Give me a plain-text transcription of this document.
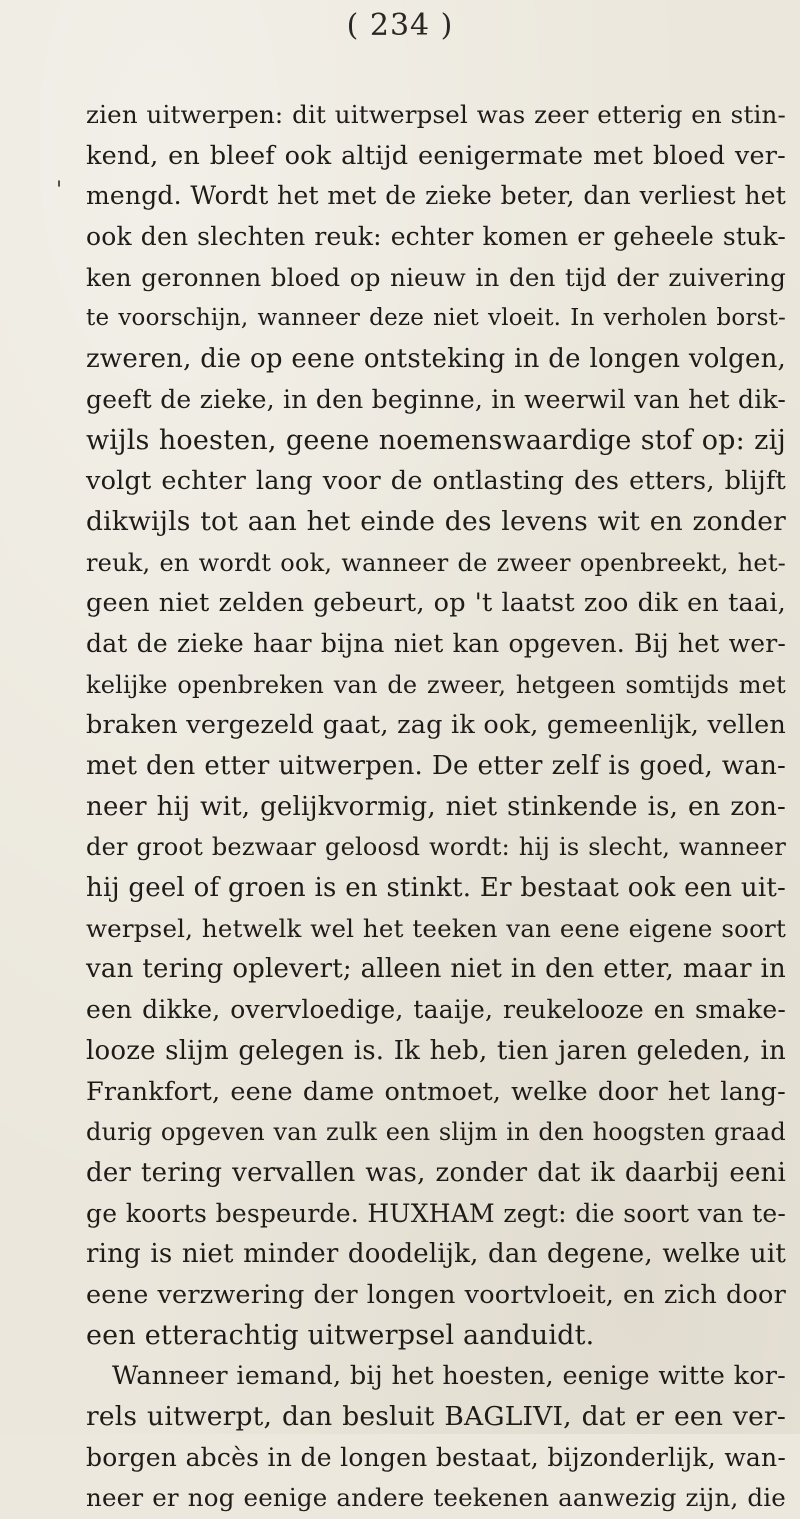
( 234 )
'
zien uitwerpen: dit uitwerpsel was zeer etterig en stin-
kend, en bleef ook altijd eenigermate met bloed ver-
mengd. Wordt het met de zieke beter, dan verliest het
ook den slechten reuk: echter komen er geheele stuk-
ken geronnen bloed op nieuw in den tijd der zuivering
te voorschijn, wanneer deze niet vloeit. In verholen borst-
zweren, die op eene ontsteking in de longen volgen,
geeft de zieke, in den beginne, in weerwil van het dik-
wijls hoesten, geene noemenswaardige stof op: zij
volgt echter lang voor de ontlasting des etters, blijft
dikwijls tot aan het einde des levens wit en zonder
reuk, en wordt ook, wanneer de zweer openbreekt, het-
geen niet zelden gebeurt, op 't laatst zoo dik en taai,
dat de zieke haar bijna niet kan opgeven. Bij het wer-
kelijke openbreken van de zweer, hetgeen somtijds met
braken vergezeld gaat, zag ik ook, gemeenlijk, vellen
met den etter uitwerpen. De etter zelf is goed, wan-
neer hij wit, gelijkvormig, niet stinkende is, en zon-
der groot bezwaar geloosd wordt: hij is slecht, wanneer
hij geel of groen is en stinkt. Er bestaat ook een uit-
werpsel, hetwelk wel het teeken van eene eigene soort
van tering oplevert; alleen niet in den etter, maar in
een dikke, overvloedige, taaije, reukelooze en smake-
looze slijm gelegen is. Ik heb, tien jaren geleden, in
Frankfort, eene dame ontmoet, welke door het lang-
durig opgeven van zulk een slijm in den hoogsten graad
der tering vervallen was, zonder dat ik daarbij eeni
ge koorts bespeurde. HUXHAM zegt: die soort van te-
ring is niet minder doodelijk, dan degene, welke uit
eene verzwering der longen voortvloeit, en zich door
een etterachtig uitwerpsel aanduidt.
Wanneer iemand, bij het hoesten, eenige witte kor-
rels uitwerpt, dan besluit BAGLIVI, dat er een ver-
borgen abcès in de longen bestaat, bijzonderlijk, wan-
neer er nog eenige andere teekenen aanwezig zijn, die
